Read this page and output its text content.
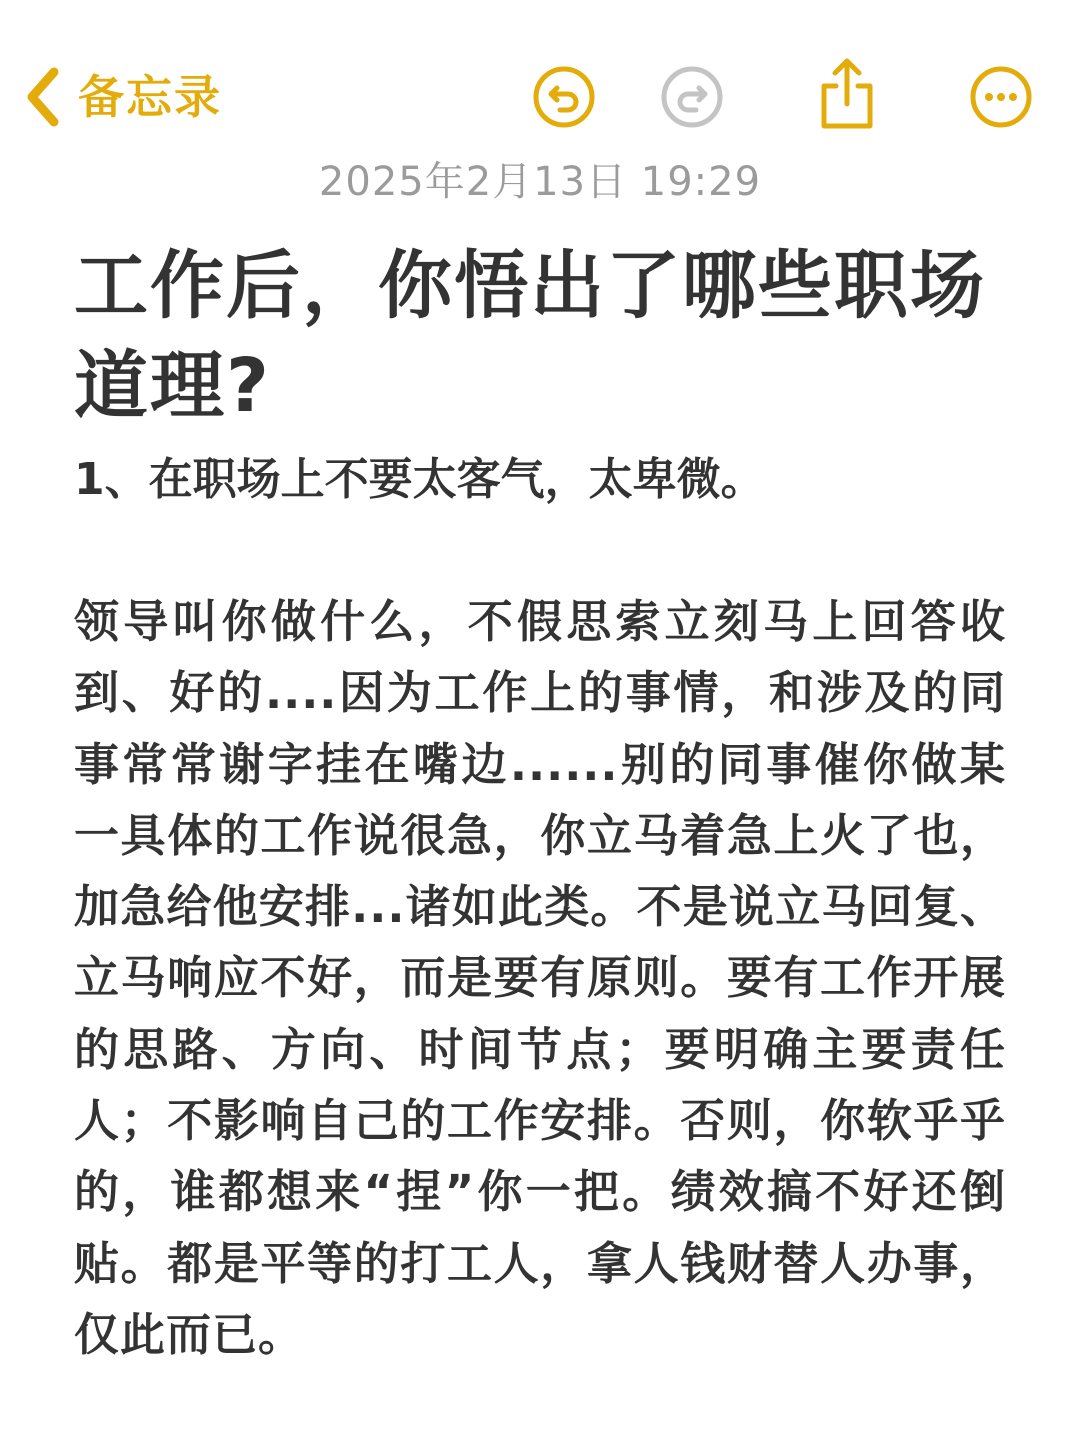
备忘录
2025年2月13日 19:29
工作后，你悟出了哪些职场道理?

1、在职场上不要太客气，太卑微。

领导叫你做什么，不假思索立刻马上回答收到、好的....因为工作上的事情，和涉及的同事常常谢字挂在嘴边......别的同事催你做某一具体的工作说很急，你立马着急上火了也，加急给他安排...诸如此类。不是说立马回复、立马响应不好，而是要有原则。要有工作开展的思路、方向、时间节点；要明确主要责任人；不影响自己的工作安排。否则，你软乎乎的，谁都想来“捏”你一把。绩效搞不好还倒贴。都是平等的打工人，拿人钱财替人办事，仅此而已。
